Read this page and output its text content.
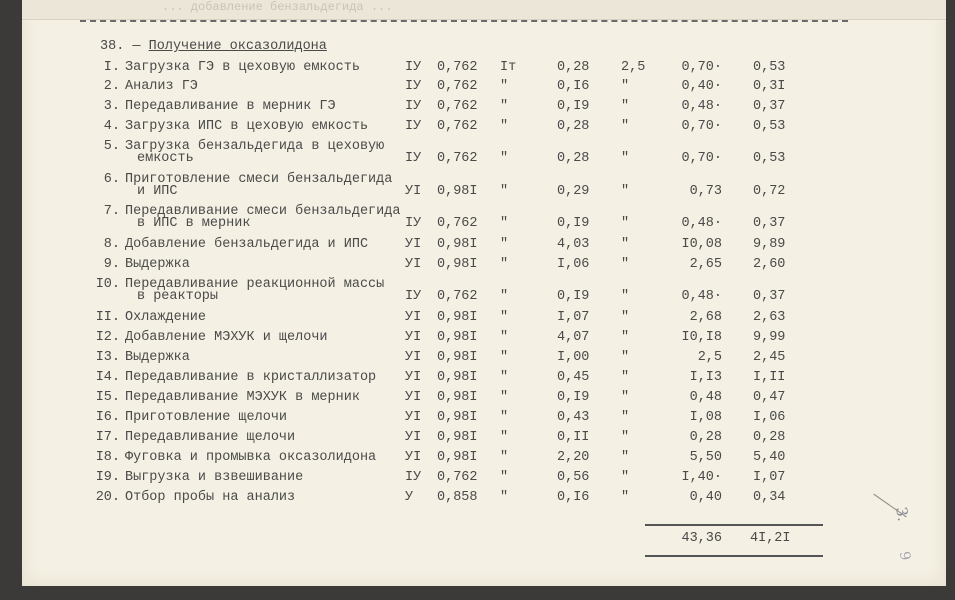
... добавление бензальдегида ...
38. — Получение оксазолидона
I. Загрузка ГЭ в цеховую емкость	IУ 0,762 Iт	0,28 2,5	0,70· 0,53
2. Анализ ГЭ	IУ 0,762 "	0,I6 "	0,40· 0,3I
3. Передавливание в мерник ГЭ	IУ 0,762 "	0,I9 "	0,48· 0,37
4. Загрузка ИПС в цеховую емкость	IУ 0,762 "	0,28 "	0,70· 0,53
5. Загрузка бензальдегида в цеховую
емкость	IУ 0,762 "	0,28 "	0,70· 0,53
6. Приготовление смеси бензальдегида
и ИПС	УI 0,98I "	0,29 "	0,73 0,72
7. Передавливание смеси бензальдегида
в ИПС в мерник	IУ 0,762 "	0,I9 "	0,48· 0,37
8. Добавление бензальдегида и ИПС	УI 0,98I "	4,03 "	I0,08 9,89
9. Выдержка	УI 0,98I "	I,06 "	2,65 2,60
I0. Передавливание реакционной массы
в реакторы	IУ 0,762 "	0,I9 "	0,48· 0,37
II. Охлаждение	УI 0,98I "	I,07 "	2,68 2,63
I2. Добавление МЭХУК и щелочи	УI 0,98I "	4,07 "	I0,I8 9,99
I3. Выдержка	УI 0,98I "	I,00 "	2,5 2,45
I4. Передавливание в кристаллизатор УI 0,98I "	0,45 "	I,I3 I,II
I5. Передавливание МЭХУК в мерник	УI 0,98I "	0,I9 "	0,48 0,47
I6. Приготовление щелочи	УI 0,98I "	0,43 "	I,08 I,06
I7. Передавливание щелочи	УI 0,98I "	0,II "	0,28 0,28
I8. Фуговка и промывка оксазолидона УI 0,98I "	2,20 "	5,50 5,40
I9. Выгрузка и взвешивание	IУ 0,762 "	0,56 "	I,40· I,07
20. Отбор пробы на анализ	У 0,858 "	0,I6 "	0,40 0,34
43,36 4I,2I
3.
9
